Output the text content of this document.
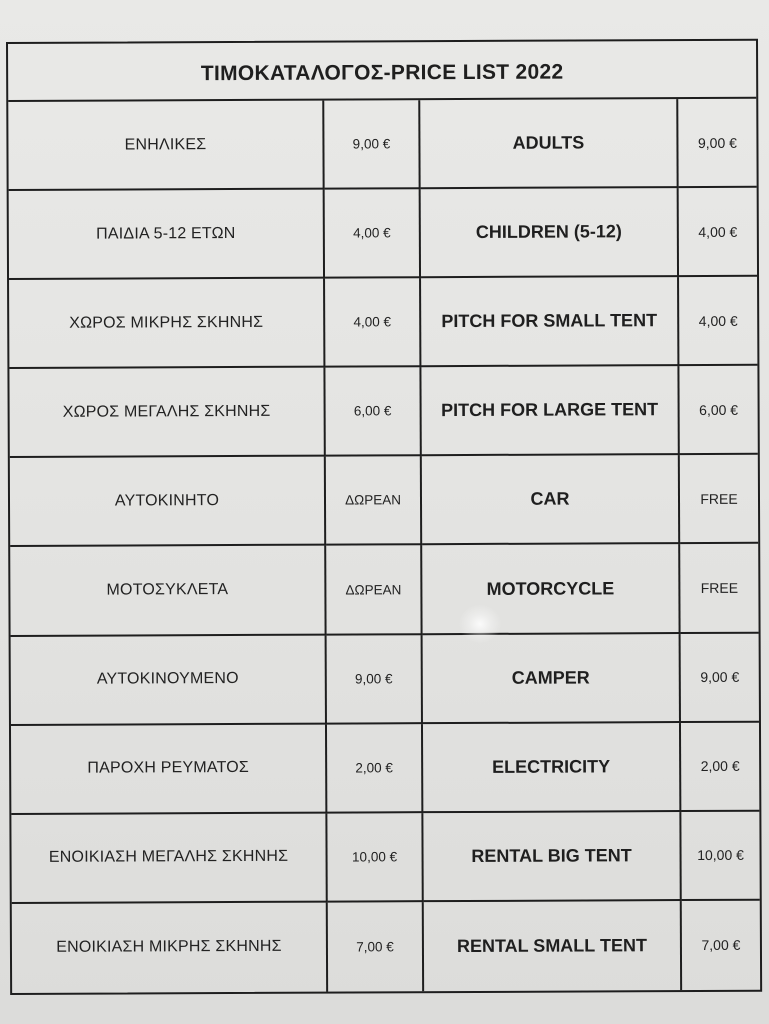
ΤΙΜΟΚΑΤΑΛΟΓΟΣ-PRICE LIST 2022
ΕΝΗΛΙΚΕΣ	9,00 €	ADULTS	9,00 €
ΠΑΙΔΙΑ 5-12 ΕΤΩΝ	4,00 €	CHILDREN (5-12)	4,00 €
ΧΩΡΟΣ ΜΙΚΡΗΣ ΣΚΗΝΗΣ	4,00 €	PITCH FOR SMALL TENT	4,00 €
ΧΩΡΟΣ ΜΕΓΑΛΗΣ ΣΚΗΝΗΣ	6,00 €	PITCH FOR LARGE TENT	6,00 €
ΑΥΤΟΚΙΝΗΤΟ	ΔΩΡΕΑΝ	CAR	FREE
ΜΟΤΟΣΥΚΛΕΤΑ	ΔΩΡΕΑΝ	MOTORCYCLE	FREE
ΑΥΤΟΚΙΝΟΥΜΕΝΟ	9,00 €	CAMPER	9,00 €
ΠΑΡΟΧΗ ΡΕΥΜΑΤΟΣ	2,00 €	ELECTRICITY	2,00 €
ΕΝΟΙΚΙΑΣΗ ΜΕΓΑΛΗΣ ΣΚΗΝΗΣ	10,00 €	RENTAL BIG TENT	10,00 €
ΕΝΟΙΚΙΑΣΗ ΜΙΚΡΗΣ ΣΚΗΝΗΣ	7,00 €	RENTAL SMALL TENT	7,00 €
